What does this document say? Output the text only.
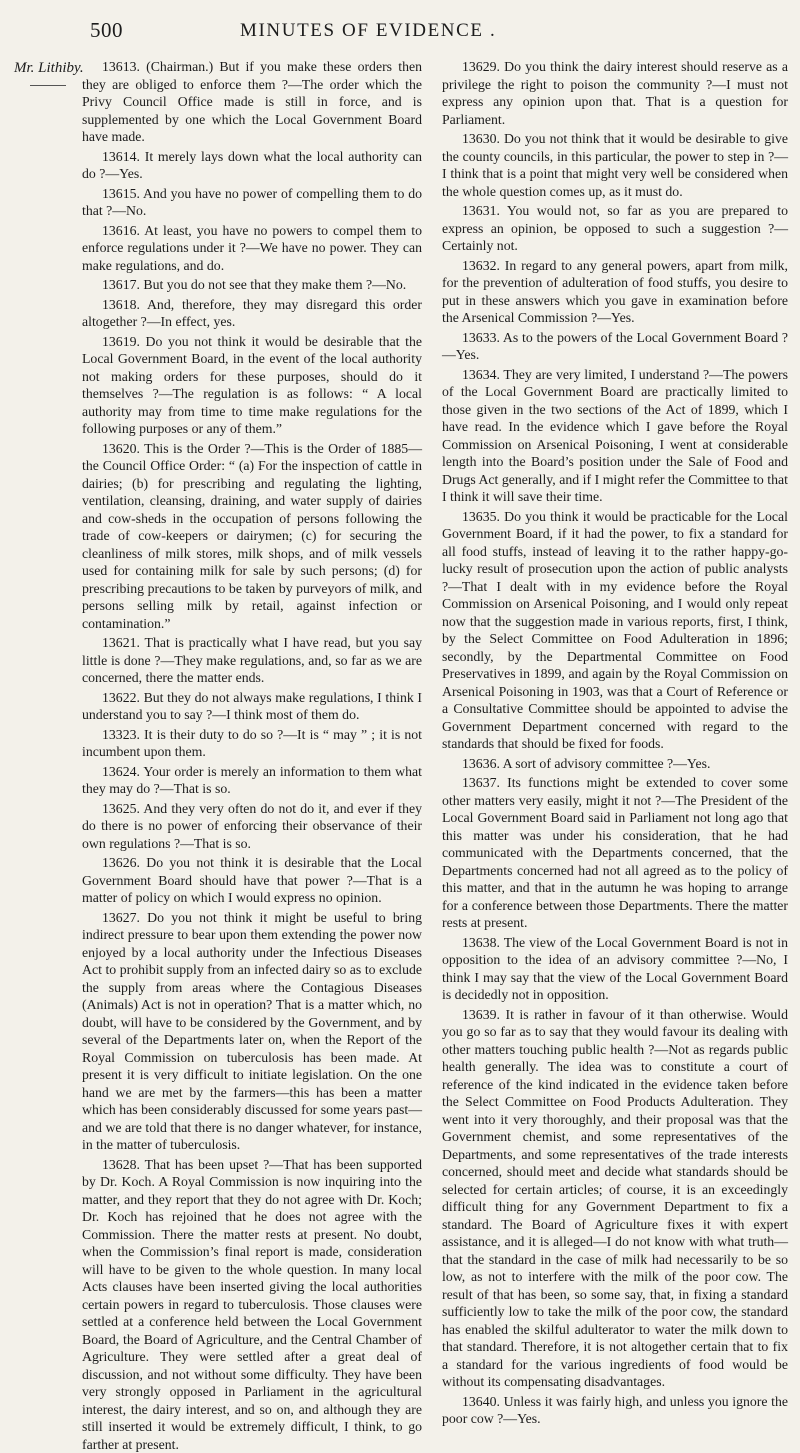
500	MINUTES OF EVIDENCE .
Mr. Lithiby.	13613. (Chairman.) But if you make these orders then they are obliged to enforce them ?—The order which the Privy Council Office made is still in force, and is supplemented by one which the Local Government Board have made.

13614. It merely lays down what the local authority can do ?—Yes.

13615. And you have no power of compelling them to do that ?—No.

13616. At least, you have no powers to compel them to enforce regulations under it ?—We have no power. They can make regulations, and do.

13617. But you do not see that they make them ?—No.

13618. And, therefore, they may disregard this order altogether ?—In effect, yes.

13619. Do you not think it would be desirable that the Local Government Board, in the event of the local authority not making orders for these purposes, should do it themselves ?—The regulation is as follows: “ A local authority may from time to time make regulations for the following purposes or any of them.”

13620. This is the Order ?—This is the Order of 1885—the Council Office Order: “ (a) For the inspection of cattle in dairies; (b) for prescribing and regulating the lighting, ventilation, cleansing, draining, and water supply of dairies and cow-sheds in the occupation of persons following the trade of cow-keepers or dairymen; (c) for securing the cleanliness of milk stores, milk shops, and of milk vessels used for containing milk for sale by such persons; (d) for prescribing precautions to be taken by purveyors of milk, and persons selling milk by retail, against infection or contamination.”

13621. That is practically what I have read, but you say little is done ?—They make regulations, and, so far as we are concerned, there the matter ends.

13622. But they do not always make regulations, I think I understand you to say ?—I think most of them do.

13323. It is their duty to do so ?—It is “ may ” ; it is not incumbent upon them.

13624. Your order is merely an information to them what they may do ?—That is so.

13625. And they very often do not do it, and ever if they do there is no power of enforcing their observance of their own regulations ?—That is so.

13626. Do you not think it is desirable that the Local Government Board should have that power ?—That is a matter of policy on which I would express no opinion.

13627. Do you not think it might be useful to bring indirect pressure to bear upon them extending the power now enjoyed by a local authority under the Infectious Diseases Act to prohibit supply from an infected dairy so as to exclude the supply from areas where the Contagious Diseases (Animals) Act is not in operation? That is a matter which, no doubt, will have to be considered by the Government, and by several of the Departments later on, when the Report of the Royal Commission on tuberculosis has been made. At present it is very difficult to initiate legislation. On the one hand we are met by the farmers—this has been a matter which has been considerably discussed for some years past—and we are told that there is no danger whatever, for instance, in the matter of tuberculosis.

13628. That has been upset ?—That has been supported by Dr. Koch. A Royal Commission is now inquiring into the matter, and they report that they do not agree with Dr. Koch; Dr. Koch has rejoined that he does not agree with the Commission. There the matter rests at present. No doubt, when the Commission’s final report is made, consideration will have to be given to the whole question. In many local Acts clauses have been inserted giving the local authorities certain powers in regard to tuberculosis. Those clauses were settled at a conference held between the Local Government Board, the Board of Agriculture, and the Central Chamber of Agriculture. They were settled after a great deal of discussion, and not without some difficulty. They have been very strongly opposed in Parliament in the agricultural interest, the dairy interest, and so on, and although they are still inserted it would be extremely difficult, I think, to go farther at present.

13629. Do you think the dairy interest should reserve as a privilege the right to poison the community ?—I must not express any opinion upon that. That is a question for Parliament.

13630. Do you not think that it would be desirable to give the county councils, in this particular, the power to step in ?—I think that is a point that might very well be considered when the whole question comes up, as it must do.

13631. You would not, so far as you are prepared to express an opinion, be opposed to such a suggestion ?—Certainly not.

13632. In regard to any general powers, apart from milk, for the prevention of adulteration of food stuffs, you desire to put in these answers which you gave in examination before the Arsenical Commission ?—Yes.

13633. As to the powers of the Local Government Board ?—Yes.

13634. They are very limited, I understand ?—The powers of the Local Government Board are practically limited to those given in the two sections of the Act of 1899, which I have read. In the evidence which I gave before the Royal Commission on Arsenical Poisoning, I went at considerable length into the Board’s position under the Sale of Food and Drugs Act generally, and if I might refer the Committee to that I think it will save their time.

13635. Do you think it would be practicable for the Local Government Board, if it had the power, to fix a standard for all food stuffs, instead of leaving it to the rather happy-go-lucky result of prosecution upon the action of public analysts ?—That I dealt with in my evidence before the Royal Commission on Arsenical Poisoning, and I would only repeat now that the suggestion made in various reports, first, I think, by the Select Committee on Food Adulteration in 1896; secondly, by the Departmental Committee on Food Preservatives in 1899, and again by the Royal Commission on Arsenical Poisoning in 1903, was that a Court of Reference or a Consultative Committee should be appointed to advise the Government Department concerned with regard to the standards that should be fixed for foods.

13636. A sort of advisory committee ?—Yes.

13637. Its functions might be extended to cover some other matters very easily, might it not ?—The President of the Local Government Board said in Parliament not long ago that this matter was under his consideration, that he had communicated with the Departments concerned, that the Departments concerned had not all agreed as to the policy of this matter, and that in the autumn he was hoping to arrange for a conference between those Departments. There the matter rests at present.

13638. The view of the Local Government Board is not in opposition to the idea of an advisory committee ?—No, I think I may say that the view of the Local Government Board is decidedly not in opposition.

13639. It is rather in favour of it than otherwise. Would you go so far as to say that they would favour its dealing with other matters touching public health ?—Not as regards public health generally. The idea was to constitute a court of reference of the kind indicated in the evidence taken before the Select Committee on Food Products Adulteration. They went into it very thoroughly, and their proposal was that the Government chemist, and some representatives of the Departments, and some representatives of the trade interests concerned, should meet and decide what standards should be selected for certain articles; of course, it is an exceedingly difficult thing for any Government Department to fix a standard. The Board of Agriculture fixes it with expert assistance, and it is alleged—I do not know with what truth—that the standard in the case of milk had necessarily to be so low, as not to interfere with the milk of the poor cow. The result of that has been, so some say, that, in fixing a standard sufficiently low to take the milk of the poor cow, the standard has enabled the skilful adulterator to water the milk down to that standard. Therefore, it is not altogether certain that to fix a standard for the various ingredients of food would be without its compensating disadvantages.

13640. Unless it was fairly high, and unless you ignore the poor cow ?—Yes.
